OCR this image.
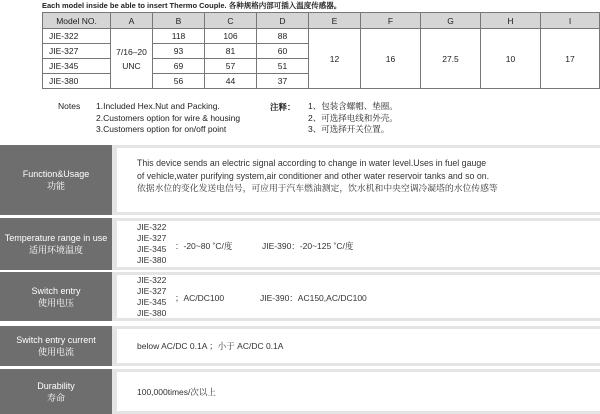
Each model inside be able to insert Thermo Couple. 各种规格内部可插入温度传感器。
Model NO.	A	B	C	D	E	F	G	H	I
JIE-322	7/16–20UNC	118	106	88	12	16	27.5	10	17
JIE-327		93	81	60					
JIE-345		69	57	51					
JIE-380		56	44	37					
Notes 1.Included Hex.Nut and Packing.
2.Customers option for wire & housing
3.Customers option for on/off point
注释： 1、包装含螺帽、垫圈。
2、可选择电线和外壳。
3、可选择开关位置。
Function&Usage
功能
This device sends an electric signal according to change in water level.Uses in fuel gauge
of vehicle,water purifying system,air conditioner and other water reservoir tanks and so on.
依据水位的变化发送电信号，可应用于汽车燃油测定，饮水机和中央空调冷凝塔的水位传感等
Temperature range in use
适用环境温度
JIE-322
JIE-327
JIE-345
JIE-380
：-20~80 ˚C/度	JIE-390：-20~125 ˚C/度
Switch entry
使用电压
JIE-322
JIE-327
JIE-345
JIE-380
；AC/DC100	JIE-390：AC150,AC/DC100
Switch entry current
使用电流
below AC/DC 0.1A ；小于 AC/DC 0.1A
Durability
寿命
100,000times/次以上
